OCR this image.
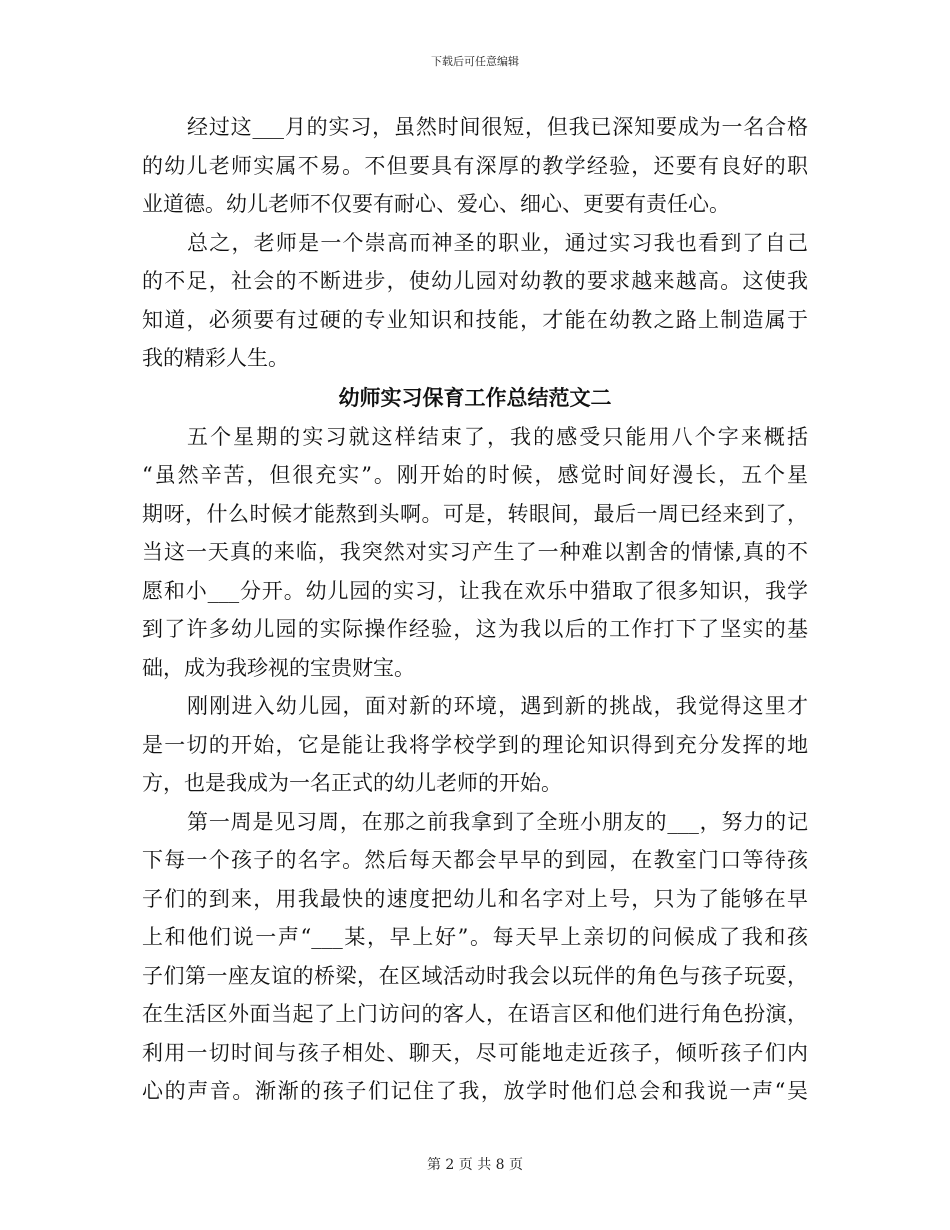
下载后可任意编辑
经过这___月的实习，虽然时间很短，但我已深知要成为一名合格
的幼儿老师实属不易。不但要具有深厚的教学经验，还要有良好的职
业道德。幼儿老师不仅要有耐心、爱心、细心、更要有责任心。
总之，老师是一个崇高而神圣的职业，通过实习我也看到了自己
的不足，社会的不断进步，使幼儿园对幼教的要求越来越高。这使我
知道，必须要有过硬的专业知识和技能，才能在幼教之路上制造属于
我的精彩人生。
幼师实习保育工作总结范文二
五个星期的实习就这样结束了，我的感受只能用八个字来概括
“虽然辛苦，但很充实”。刚开始的时候，感觉时间好漫长，五个星
期呀，什么时候才能熬到头啊。可是，转眼间，最后一周已经来到了，
当这一天真的来临，我突然对实习产生了一种难以割舍的情愫,真的不
愿和小___分开。幼儿园的实习，让我在欢乐中猎取了很多知识，我学
到了许多幼儿园的实际操作经验，这为我以后的工作打下了坚实的基
础，成为我珍视的宝贵财宝。
刚刚进入幼儿园，面对新的环境，遇到新的挑战，我觉得这里才
是一切的开始，它是能让我将学校学到的理论知识得到充分发挥的地
方，也是我成为一名正式的幼儿老师的开始。
第一周是见习周，在那之前我拿到了全班小朋友的___，努力的记
下每一个孩子的名字。然后每天都会早早的到园，在教室门口等待孩
子们的到来，用我最快的速度把幼儿和名字对上号，只为了能够在早
上和他们说一声“___某，早上好”。每天早上亲切的问候成了我和孩
子们第一座友谊的桥梁，在区域活动时我会以玩伴的角色与孩子玩耍，
在生活区外面当起了上门访问的客人，在语言区和他们进行角色扮演，
利用一切时间与孩子相处、聊天，尽可能地走近孩子，倾听孩子们内
心的声音。渐渐的孩子们记住了我，放学时他们总会和我说一声“吴
第 2 页 共 8 页
